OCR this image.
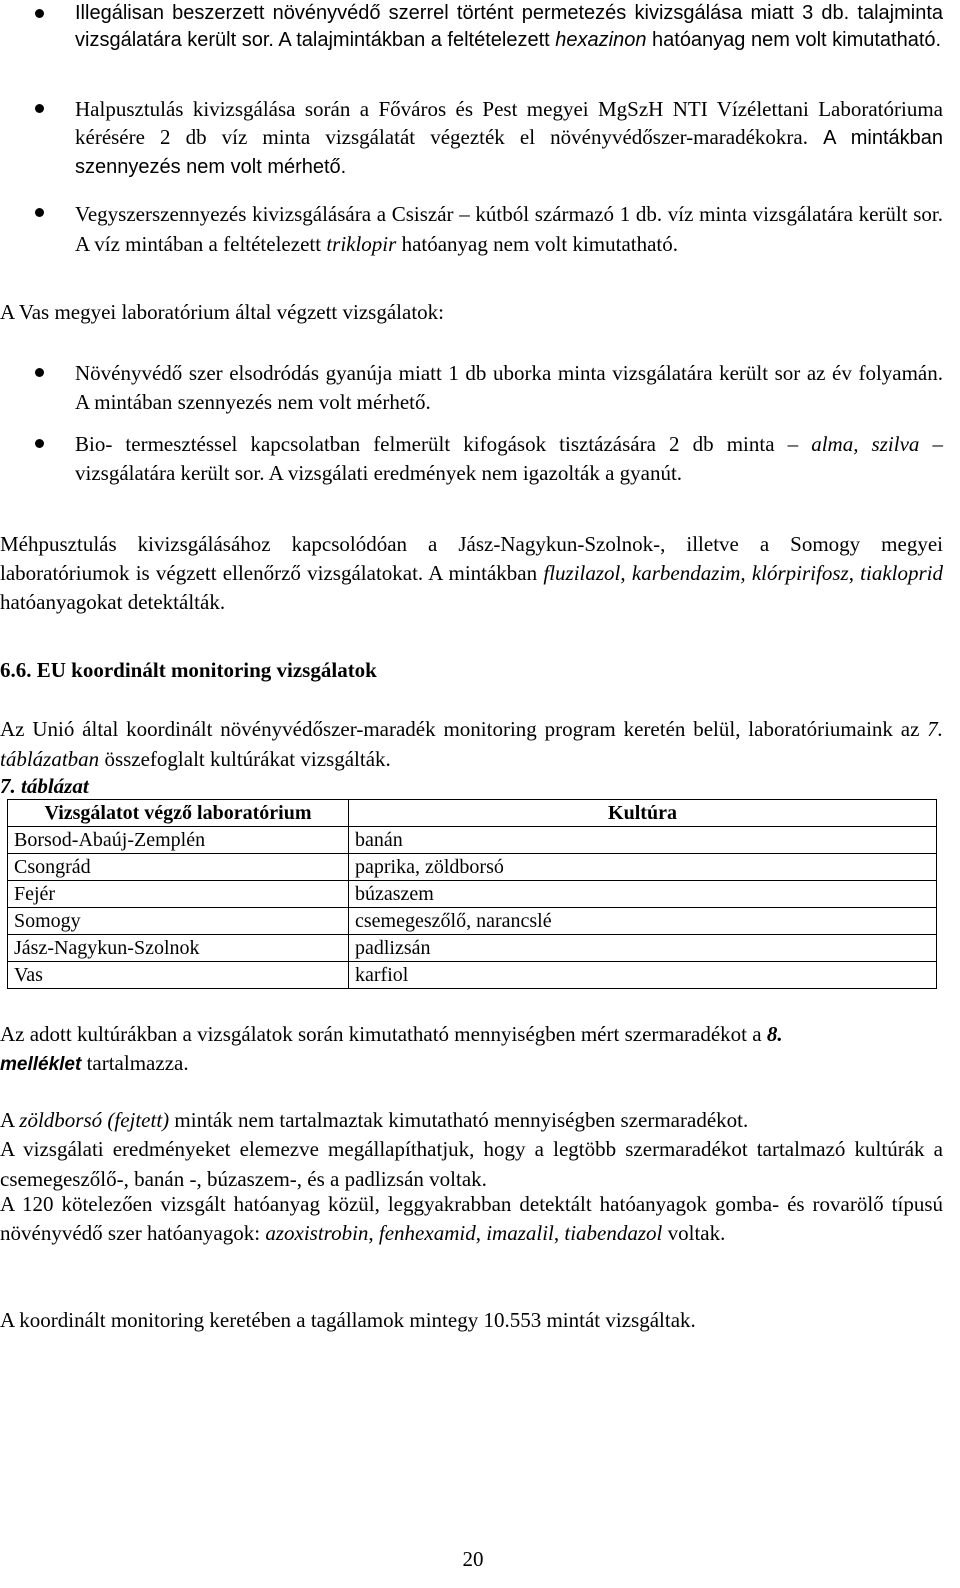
Illegálisan beszerzett növényvédő szerrel történt permetezés kivizsgálása miatt 3 db. talajminta vizsgálatára került sor. A talajmintákban a feltételezett hexazinon hatóanyag nem volt kimutatható.
Halpusztulás kivizsgálása során a Főváros és Pest megyei MgSzH NTI Vízélettani Laboratóriuma kérésére 2 db víz minta vizsgálatát végezték el növényvédőszer-maradékokra. A mintákban szennyezés nem volt mérhető.
Vegyszerszennyezés kivizsgálására a Csiszár – kútból származó 1 db. víz minta vizsgálatára került sor. A víz mintában a feltételezett triklopir hatóanyag nem volt kimutatható.

A Vas megyei laboratórium által végzett vizsgálatok:

Növényvédő szer elsodródás gyanúja miatt 1 db uborka minta vizsgálatára került sor az év folyamán. A mintában szennyezés nem volt mérhető.
Bio- termesztéssel kapcsolatban felmerült kifogások tisztázására 2 db minta – alma, szilva – vizsgálatára került sor. A vizsgálati eredmények nem igazolták a gyanút.

Méhpusztulás kivizsgálásához kapcsolódóan a Jász-Nagykun-Szolnok-, illetve a Somogy megyei laboratóriumok is végzett ellenőrző vizsgálatokat. A mintákban fluzilazol, karbendazim, klórpirifosz, tiakloprid hatóanyagokat detektálták.

6.6. EU koordinált monitoring vizsgálatok

Az Unió által koordinált növényvédőszer-maradék monitoring program keretén belül, laboratóriumaink az 7. táblázatban összefoglalt kultúrákat vizsgálták.

7. táblázat

Vizsgálatot végző laboratórium	Kultúra
Borsod-Abaúj-Zemplén	banán
Csongrád	paprika, zöldborsó
Fejér	búzaszem
Somogy	csemegeszőlő, narancslé
Jász-Nagykun-Szolnok	padlizsán
Vas	karfiol

Az adott kultúrákban a vizsgálatok során kimutatható mennyiségben mért szermaradékot a 8.
melléklet tartalmazza.

A zöldborsó (fejtett) minták nem tartalmaztak kimutatható mennyiségben szermaradékot.

A vizsgálati eredményeket elemezve megállapíthatjuk, hogy a legtöbb szermaradékot tartalmazó kultúrák a csemegeszőlő-, banán -, búzaszem-, és a padlizsán voltak.

A 120 kötelezően vizsgált hatóanyag közül, leggyakrabban detektált hatóanyagok gomba- és rovarölő típusú növényvédő szer hatóanyagok: azoxistrobin, fenhexamid, imazalil, tiabendazol voltak.

A koordinált monitoring keretében a tagállamok mintegy 10.553 mintát vizsgáltak.

20
